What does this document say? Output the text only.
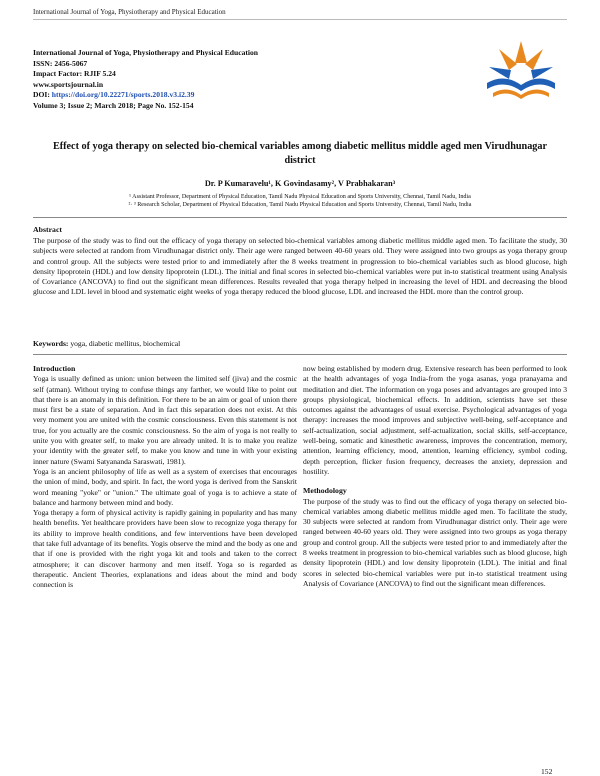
International Journal of Yoga, Physiotherapy and Physical Education
International Journal of Yoga, Physiotherapy and Physical Education
ISSN: 2456-5067
Impact Factor: RJIF 5.24
www.sportsjournal.in
DOI: https://doi.org/10.22271/sports.2018.v3.i2.39
Volume 3; Issue 2; March 2018; Page No. 152-154
Effect of yoga therapy on selected bio-chemical variables among diabetic mellitus middle aged men Virudhunagar district
Dr. P Kumaravelu¹, K Govindasamy², V Prabhakaran³
¹ Assistant Professor, Department of Physical Education, Tamil Nadu Physical Education and Sports University, Chennai, Tamil Nadu, India
²· ³ Research Scholar, Department of Physical Education, Tamil Nadu Physical Education and Sports University, Chennai, Tamil Nadu, India
Abstract
The purpose of the study was to find out the efficacy of yoga therapy on selected bio-chemical variables among diabetic mellitus middle aged men. To facilitate the study, 30 subjects were selected at random from Virudhunagar district only. Their age were ranged between 40-60 years old. They were assigned into two groups as yoga therapy group and control group. All the subjects were tested prior to and immediately after the 8 weeks treatment in progression to bio-chemical variables such as blood glucose, high density lipoprotein (HDL) and low density lipoprotein (LDL). The initial and final scores in selected bio-chemical variables were put in-to statistical treatment using Analysis of Covariance (ANCOVA) to find out the significant mean differences. Results revealed that yoga therapy helped in increasing the level of HDL and decreasing the blood glucose and LDL level in blood and systematic eight weeks of yoga therapy reduced the blood glucose, LDL and increased the HDL more than the control group.
Keywords: yoga, diabetic mellitus, biochemical

Introduction

Yoga is usually defined as union: union between the limited self (jiva) and the cosmic self (atman). Without trying to confuse things any farther, we would like to point out that there is an anomaly in this definition. For there to be an aim or goal of union there must first be a state of separation. And in fact this separation does not exist. At this very moment you are united with the cosmic consciousness. Even this statement is not true, for you actually are the cosmic consciousness. So the aim of yoga is not really to unite you with greater self, to make you are already united. It is to make you realize your identity with the greater self, to make you know and tune in with your existing inner nature (Swami Satyananda Saraswati, 1981).

Yoga is an ancient philosophy of life as well as a system of exercises that encourages the union of mind, body, and spirit. In fact, the word yoga is derived from the Sanskrit word meaning "yoke" or "union." The ultimate goal of yoga is to achieve a state of balance and harmony between mind and body.

Yoga therapy a form of physical activity is rapidly gaining in popularity and has many health benefits. Yet healthcare providers have been slow to recognize yoga therapy for its ability to improve health conditions, and few interventions have been developed that take full advantage of its benefits. Yogis observe the mind and the body as one and that if one is provided with the right yoga kit and tools and taken to the correct atmosphere; it can discover harmony and men itself. Yoga so is regarded as therapeutic. Ancient Theories, explanations and ideas about the mind and body connection is

now being established by modern drug. Extensive research has been performed to look at the health advantages of yoga India-from the yoga asanas, yoga pranayama and meditation and diet. The information on yoga poses and advantages are grouped into 3 groups physiological, biochemical effects. In addition, scientists have set these outcomes against the advantages of usual exercise. Psychological advantages of yoga therapy: increases the mood improves and subjective well-being, self-acceptance and self-actualization, social adjustment, self-actualization, social skills, self-acceptance, well-being, somatic and kinesthetic awareness, improves the concentration, memory, attention, learning efficiency, mood, attention, learning efficiency, symbol coding, depth perception, flicker fusion frequency, decreases the anxiety, depression and hostility.

Methodology

The purpose of the study was to find out the efficacy of yoga therapy on selected bio-chemical variables among diabetic mellitus middle aged men. To facilitate the study, 30 subjects were selected at random from Virudhunagar district only. Their age were ranged between 40-60 years old. They were assigned into two groups as yoga therapy group and control group. All the subjects were tested prior to and immediately after the 8 weeks treatment in progression to bio-chemical variables such as blood glucose, high density lipoprotein (HDL) and low density lipoprotein (LDL). The initial and final scores in selected bio-chemical variables were put in-to statistical treatment using Analysis of Covariance (ANCOVA) to find out the significant mean differences.

152
